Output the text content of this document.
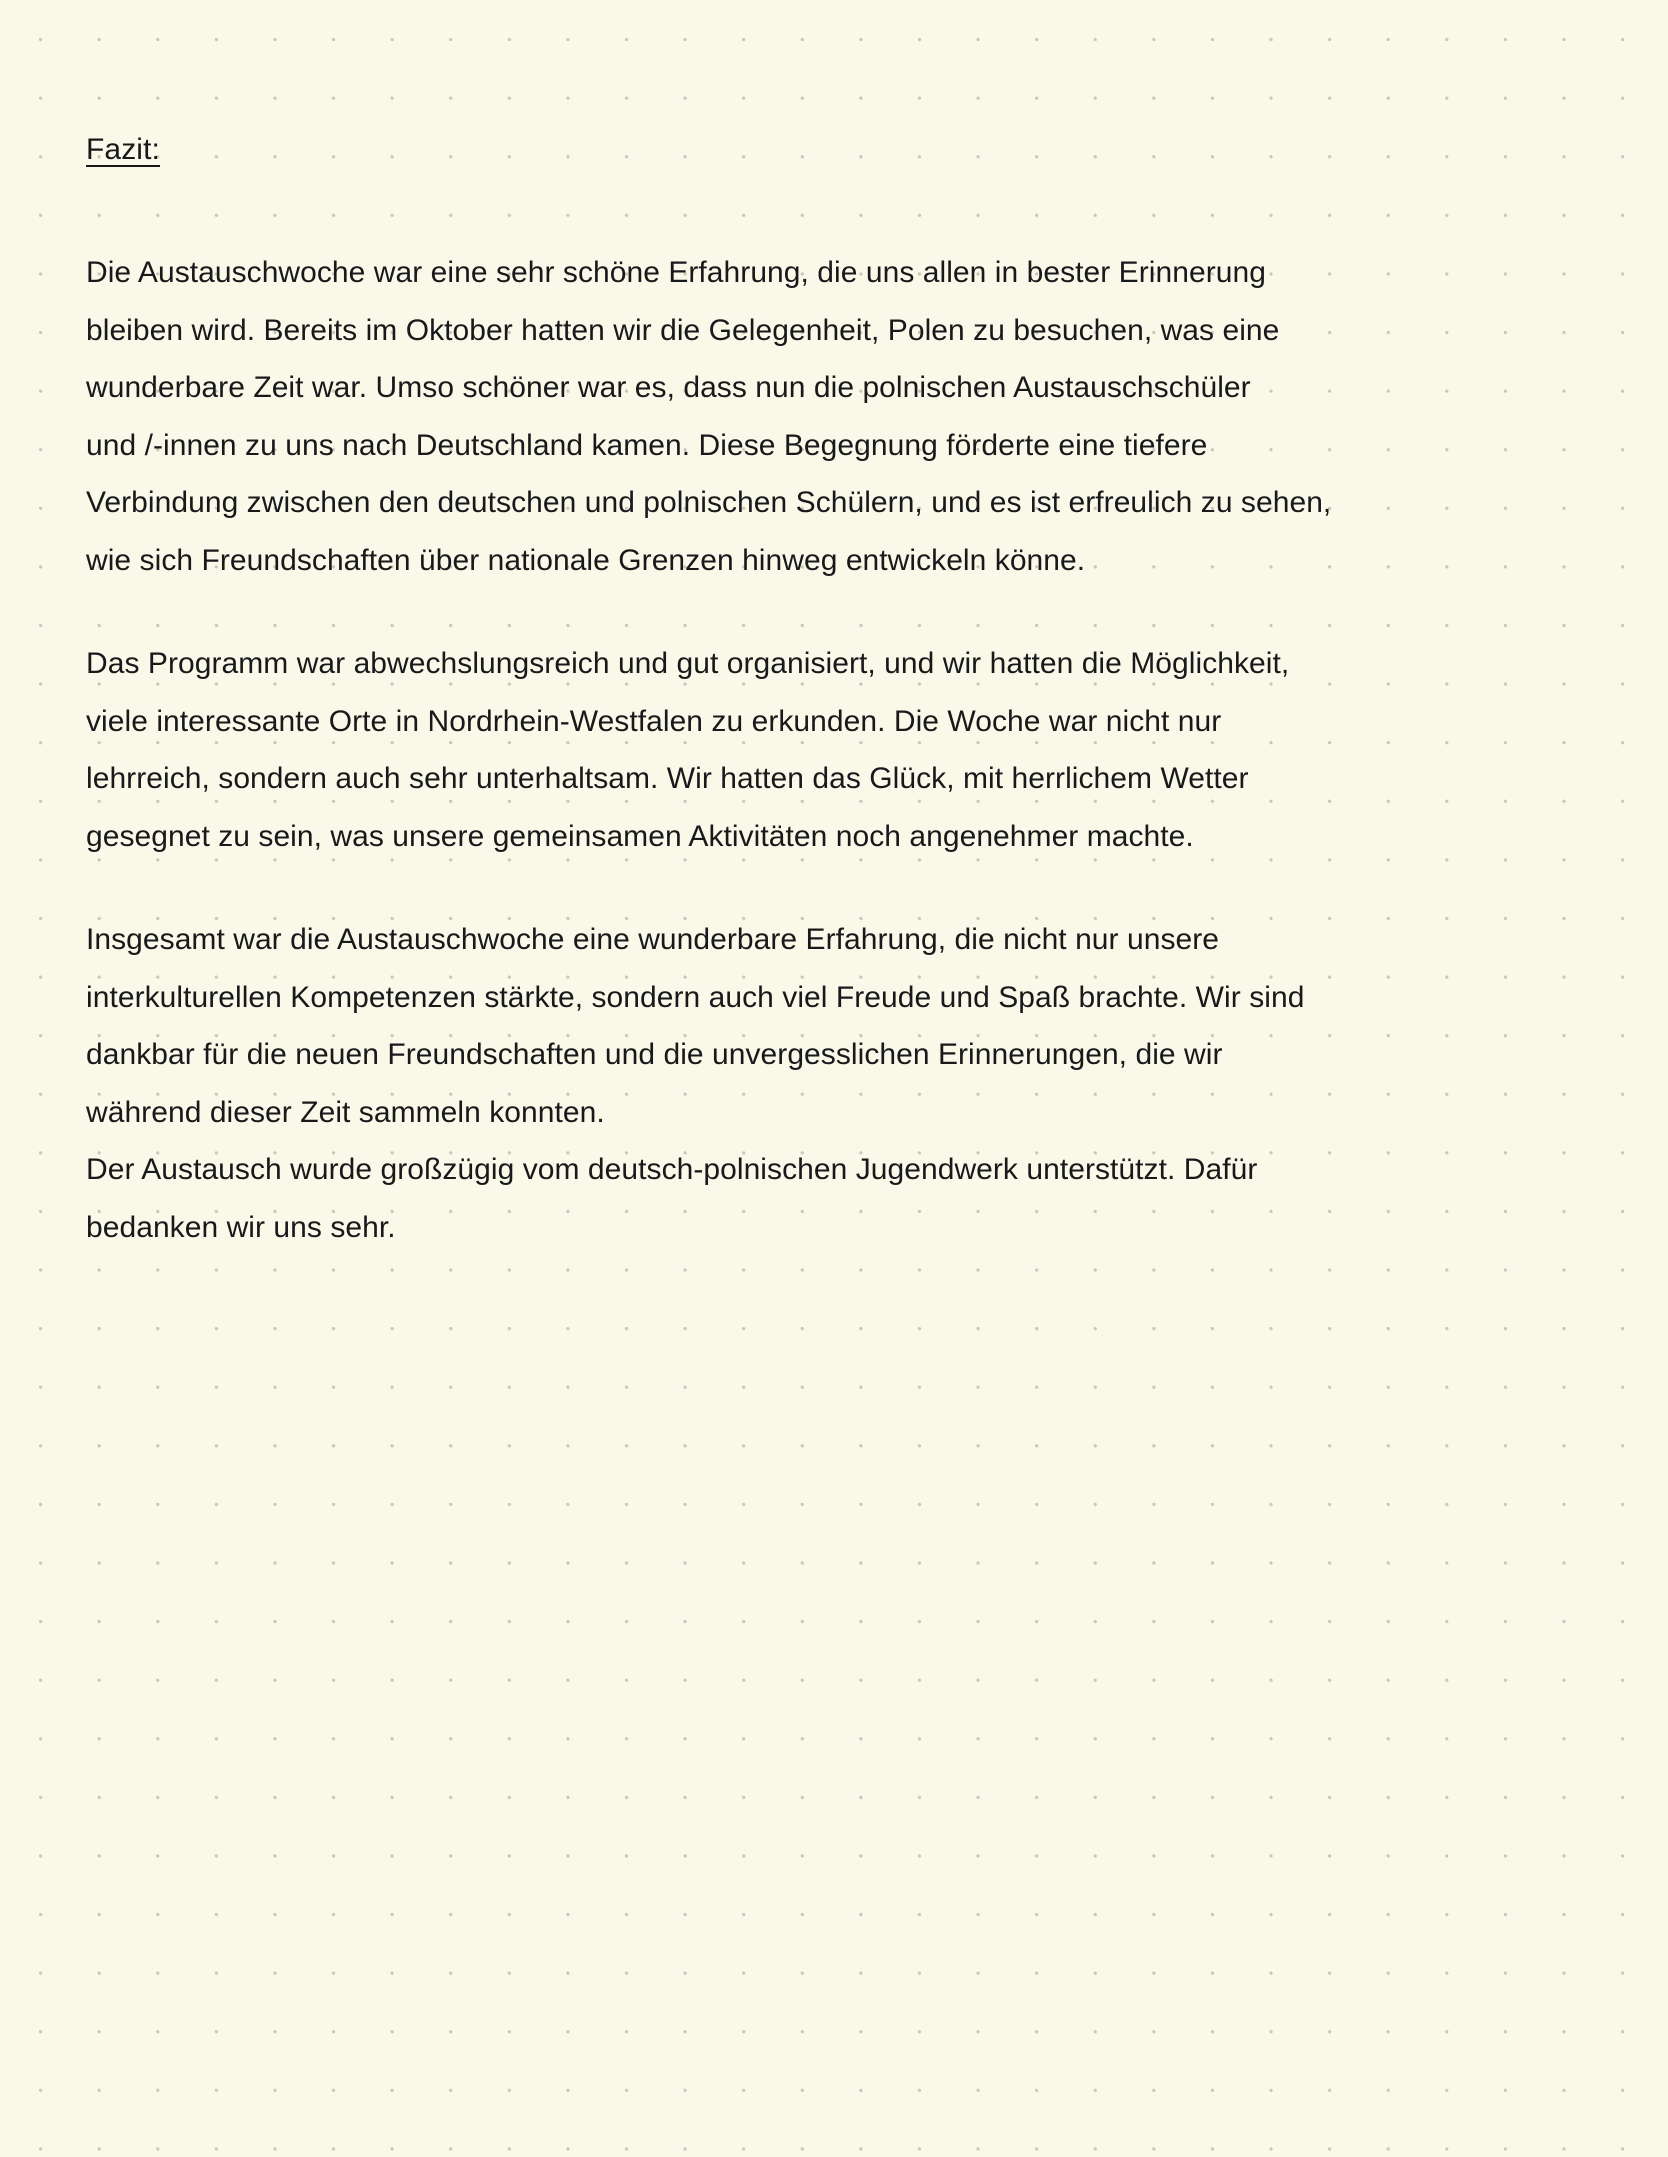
Fazit:

Die Austauschwoche war eine sehr schöne Erfahrung, die uns allen in bester Erinnerung
bleiben wird. Bereits im Oktober hatten wir die Gelegenheit, Polen zu besuchen, was eine
wunderbare Zeit war. Umso schöner war es, dass nun die polnischen Austauschschüler
und /-innen zu uns nach Deutschland kamen. Diese Begegnung förderte eine tiefere
Verbindung zwischen den deutschen und polnischen Schülern, und es ist erfreulich zu sehen,
wie sich Freundschaften über nationale Grenzen hinweg entwickeln könne.

Das Programm war abwechslungsreich und gut organisiert, und wir hatten die Möglichkeit,
viele interessante Orte in Nordrhein-Westfalen zu erkunden. Die Woche war nicht nur
lehrreich, sondern auch sehr unterhaltsam. Wir hatten das Glück, mit herrlichem Wetter
gesegnet zu sein, was unsere gemeinsamen Aktivitäten noch angenehmer machte.

Insgesamt war die Austauschwoche eine wunderbare Erfahrung, die nicht nur unsere
interkulturellen Kompetenzen stärkte, sondern auch viel Freude und Spaß brachte. Wir sind
dankbar für die neuen Freundschaften und die unvergesslichen Erinnerungen, die wir
während dieser Zeit sammeln konnten.
Der Austausch wurde großzügig vom deutsch-polnischen Jugendwerk unterstützt. Dafür
bedanken wir uns sehr.
